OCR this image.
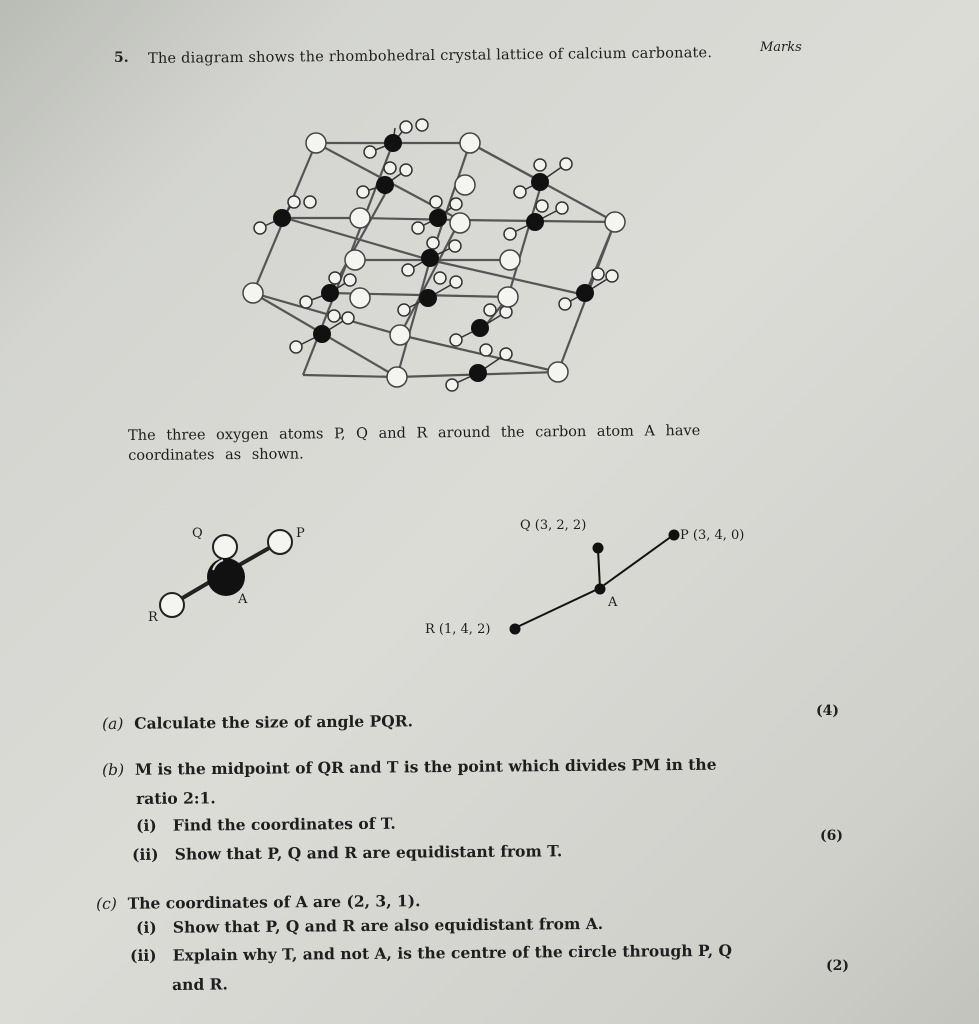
5. The diagram shows the rhombohedral crystal lattice of calcium carbonate.	Marks
The three oxygen atoms P, Q and R around the carbon atom A have
coordinates as shown.
Q	P
R
A
Q (3, 2, 2)
P (3, 4, 0)
R (1, 4, 2)
A
(a) Calculate the size of angle PQR.
(4)
(b) M is the midpoint of QR and T is the point which divides PM in the
ratio 2:1.
(i) Find the coordinates of T.
(ii) Show that P, Q and R are equidistant from T.
(6)
(c) The coordinates of A are (2, 3, 1).
(i) Show that P, Q and R are also equidistant from A.
(ii) Explain why T, and not A, is the centre of the circle through P, Q
and R.
(2)
